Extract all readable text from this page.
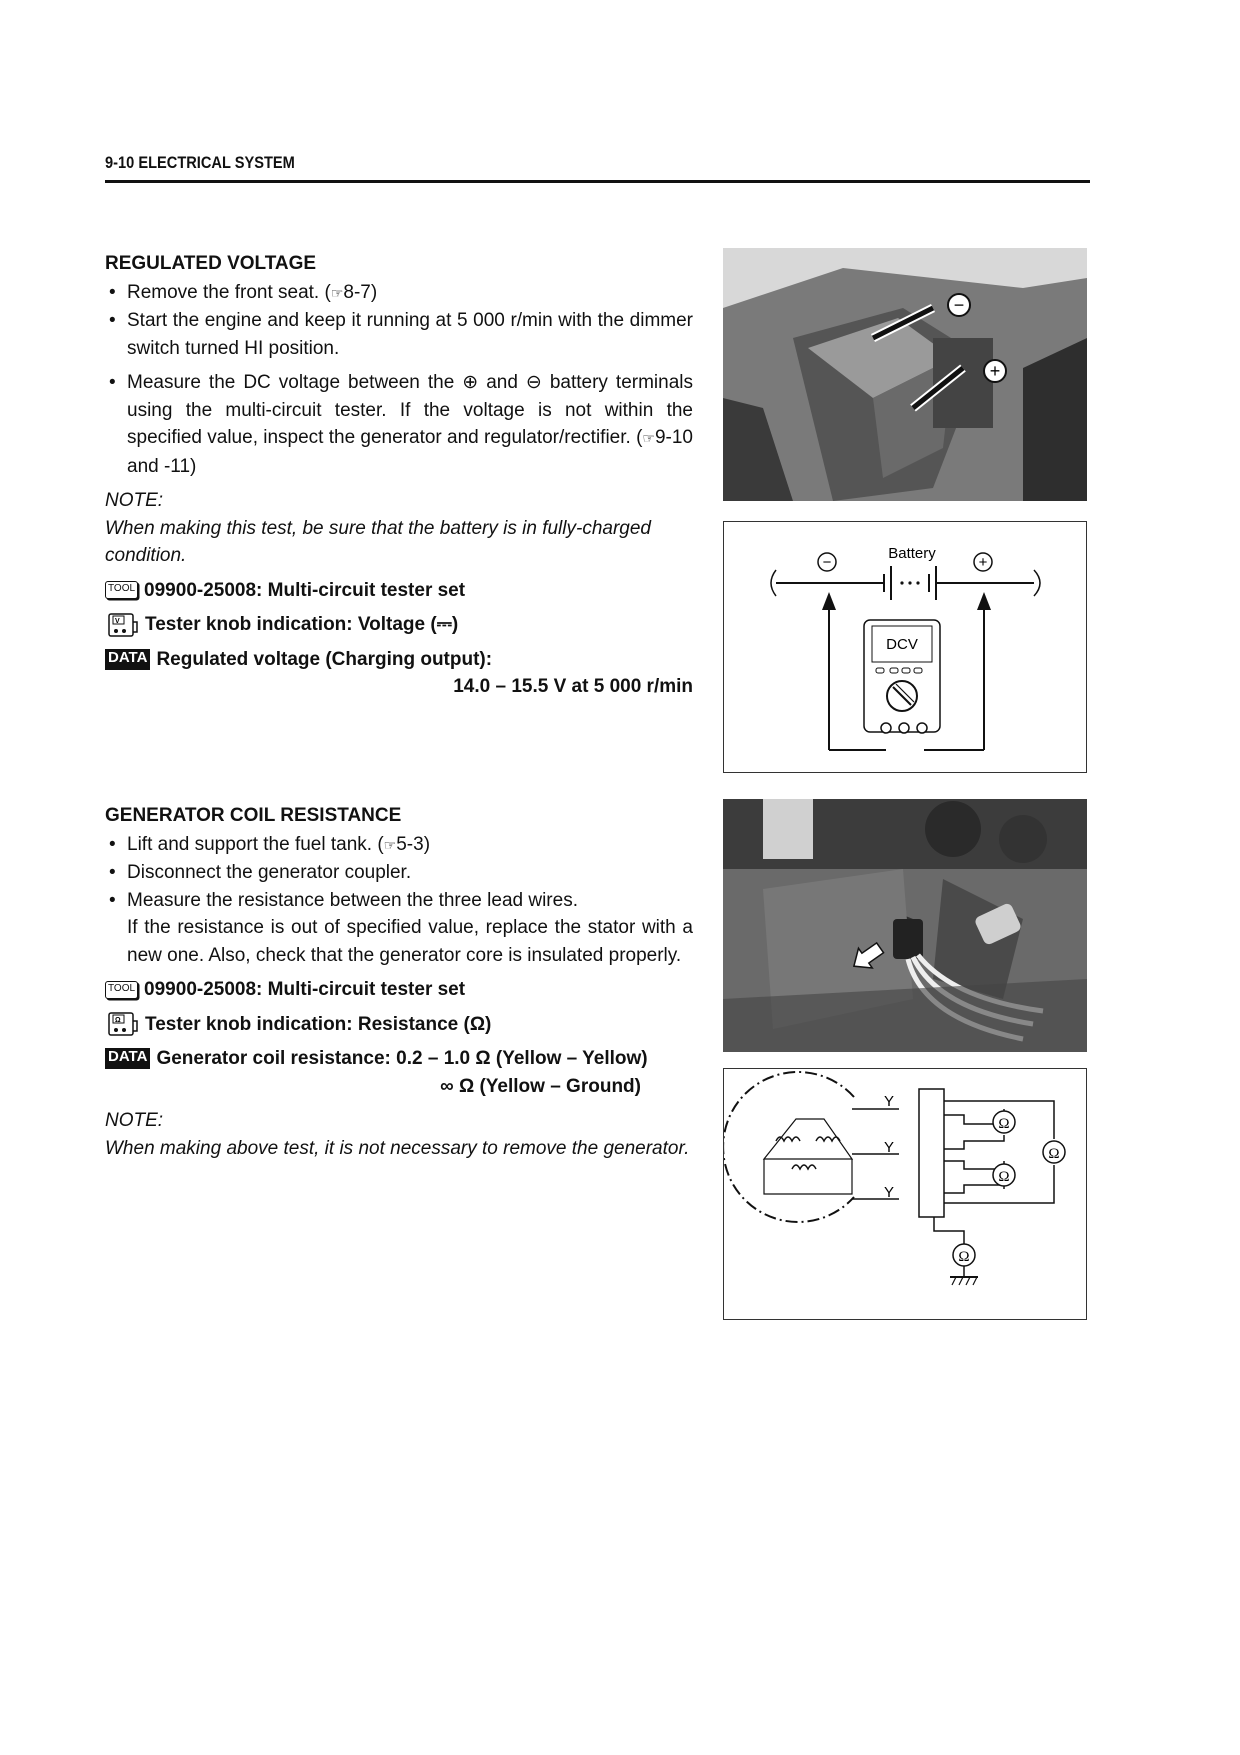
9-10 ELECTRICAL SYSTEM
REGULATED VOLTAGE
• Remove the front seat. (☞8-7)
• Start the engine and keep it running at 5 000 r/min with the dimmer switch turned HI position.
• Measure the DC voltage between the ⊕ and ⊖ battery terminals using the multi-circuit tester. If the voltage is not within the specified value, inspect the generator and regulator/rectifier. (☞9-10 and -11)
NOTE:
When making this test, be sure that the battery is in fully-charged condition.
TOOL 09900-25008: Multi-circuit tester set
V Tester knob indication: Voltage ( ⎓ )
DATA Regulated voltage (Charging output):
14.0 – 15.5 V at 5 000 r/min
GENERATOR COIL RESISTANCE
• Lift and support the fuel tank. (☞5-3)
• Disconnect the generator coupler.
• Measure the resistance between the three lead wires.
If the resistance is out of specified value, replace the stator with a new one. Also, check that the generator core is insulated properly.
TOOL 09900-25008: Multi-circuit tester set
Ω Tester knob indication: Resistance (Ω)
DATA Generator coil resistance:
0.2 – 1.0 Ω (Yellow – Yellow)
∞ Ω (Yellow – Ground)
NOTE:
When making above test, it is not necessary to remove the generator.
−
+
Battery
−	+
DCV
Y
Y
Y
Ω
Ω
Ω
Ω
